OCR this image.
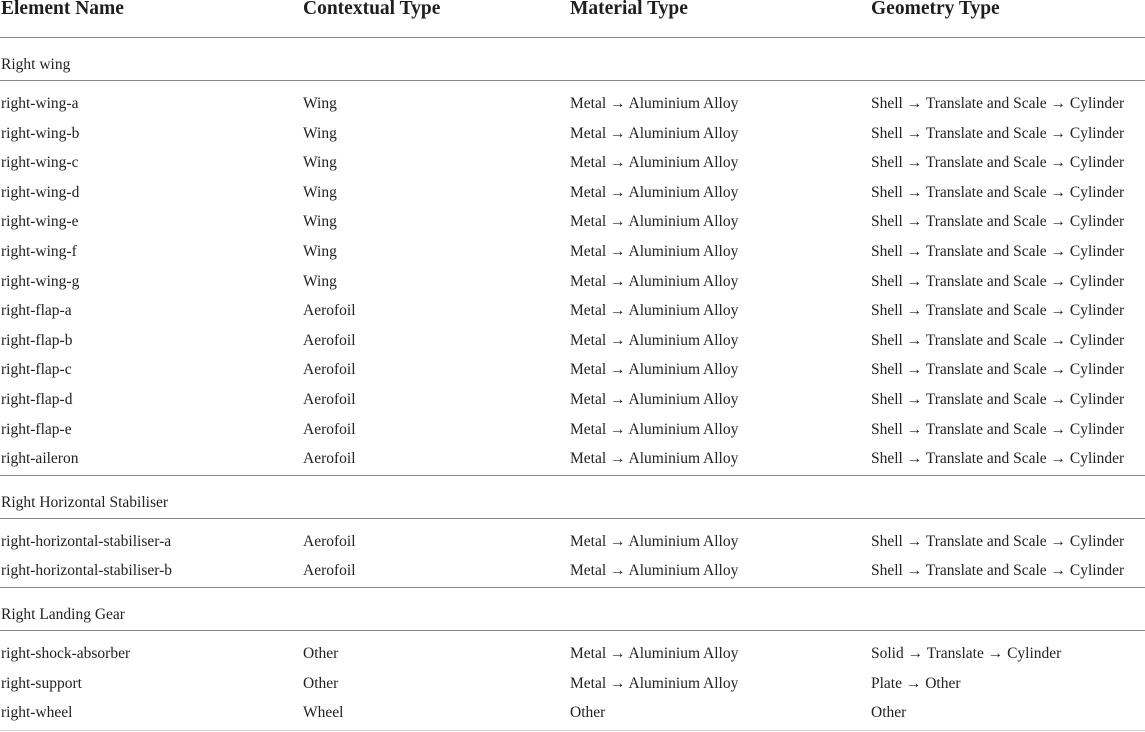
Element Name	Contextual Type	Material Type	Geometry Type
Right wing
right-wing-a	Wing	Metal → Aluminium Alloy	Shell → Translate and Scale → Cylinder
right-wing-b	Wing	Metal → Aluminium Alloy	Shell → Translate and Scale → Cylinder
right-wing-c	Wing	Metal → Aluminium Alloy	Shell → Translate and Scale → Cylinder
right-wing-d	Wing	Metal → Aluminium Alloy	Shell → Translate and Scale → Cylinder
right-wing-e	Wing	Metal → Aluminium Alloy	Shell → Translate and Scale → Cylinder
right-wing-f	Wing	Metal → Aluminium Alloy	Shell → Translate and Scale → Cylinder
right-wing-g	Wing	Metal → Aluminium Alloy	Shell → Translate and Scale → Cylinder
right-flap-a	Aerofoil	Metal → Aluminium Alloy	Shell → Translate and Scale → Cylinder
right-flap-b	Aerofoil	Metal → Aluminium Alloy	Shell → Translate and Scale → Cylinder
right-flap-c	Aerofoil	Metal → Aluminium Alloy	Shell → Translate and Scale → Cylinder
right-flap-d	Aerofoil	Metal → Aluminium Alloy	Shell → Translate and Scale → Cylinder
right-flap-e	Aerofoil	Metal → Aluminium Alloy	Shell → Translate and Scale → Cylinder
right-aileron	Aerofoil	Metal → Aluminium Alloy	Shell → Translate and Scale → Cylinder
Right Horizontal Stabiliser
right-horizontal-stabiliser-a	Aerofoil	Metal → Aluminium Alloy	Shell → Translate and Scale → Cylinder
right-horizontal-stabiliser-b	Aerofoil	Metal → Aluminium Alloy	Shell → Translate and Scale → Cylinder
Right Landing Gear
right-shock-absorber	Other	Metal → Aluminium Alloy	Solid → Translate → Cylinder
right-support	Other	Metal → Aluminium Alloy	Plate → Other
right-wheel	Wheel	Other	Other
